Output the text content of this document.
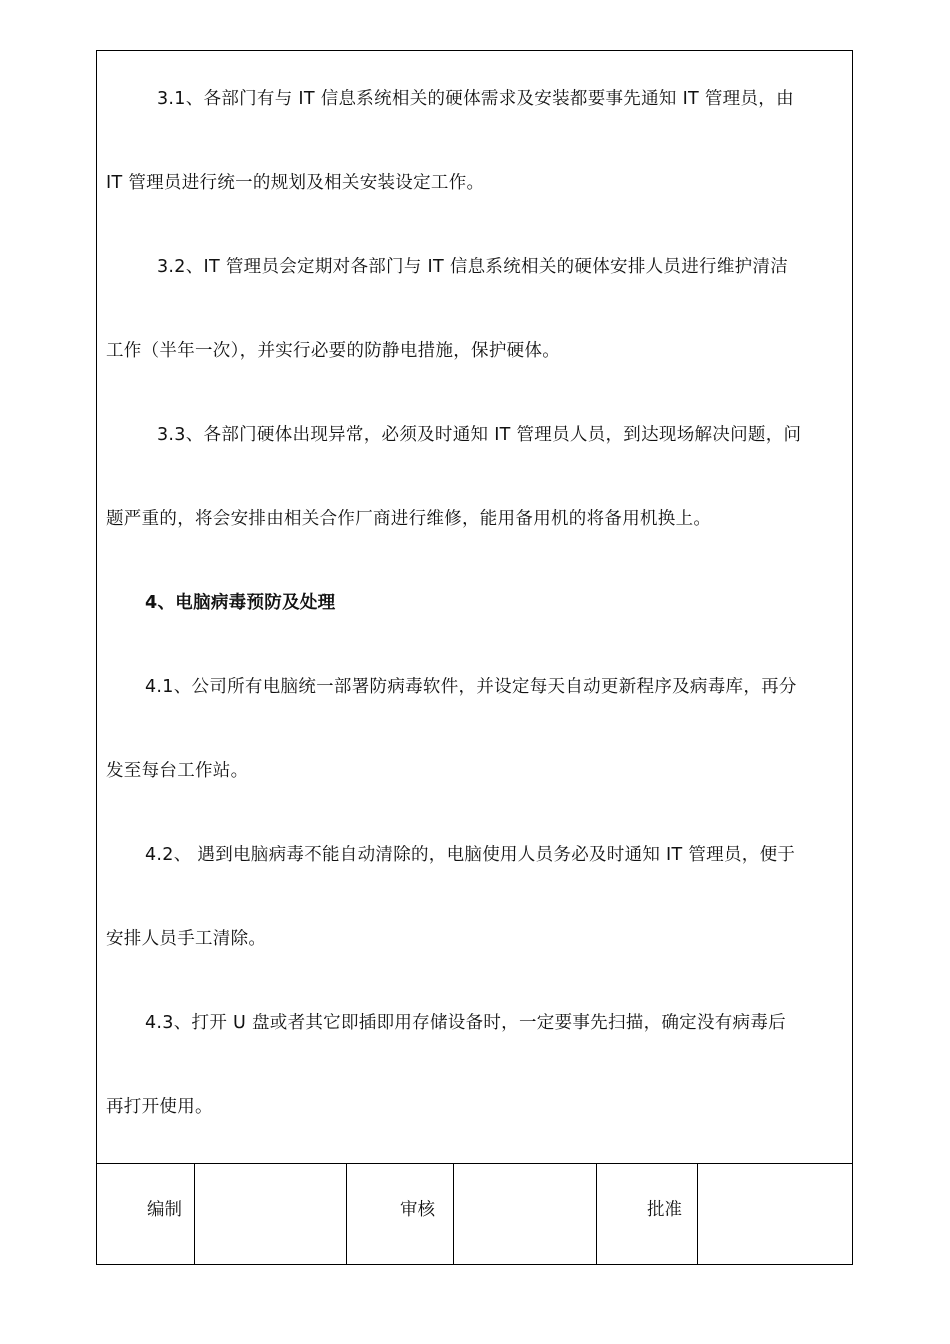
3.1、各部门有与 IT 信息系统相关的硬体需求及安装都要事先通知 IT 管理员，由
IT 管理员进行统一的规划及相关安装设定工作。
3.2、IT 管理员会定期对各部门与 IT 信息系统相关的硬体安排人员进行维护清洁
工作（半年一次），并实行必要的防静电措施，保护硬体。
3.3、各部门硬体出现异常，必须及时通知 IT 管理员人员，到达现场解决问题，问
题严重的，将会安排由相关合作厂商进行维修，能用备用机的将备用机换上。
4、电脑病毒预防及处理
4.1、公司所有电脑统一部署防病毒软件，并设定每天自动更新程序及病毒库，再分
发至每台工作站。
4.2、 遇到电脑病毒不能自动清除的，电脑使用人员务必及时通知 IT 管理员，便于
安排人员手工清除。
4.3、打开 U 盘或者其它即插即用存储设备时，一定要事先扫描，确定没有病毒后
再打开使用。
编制	审核	批准
